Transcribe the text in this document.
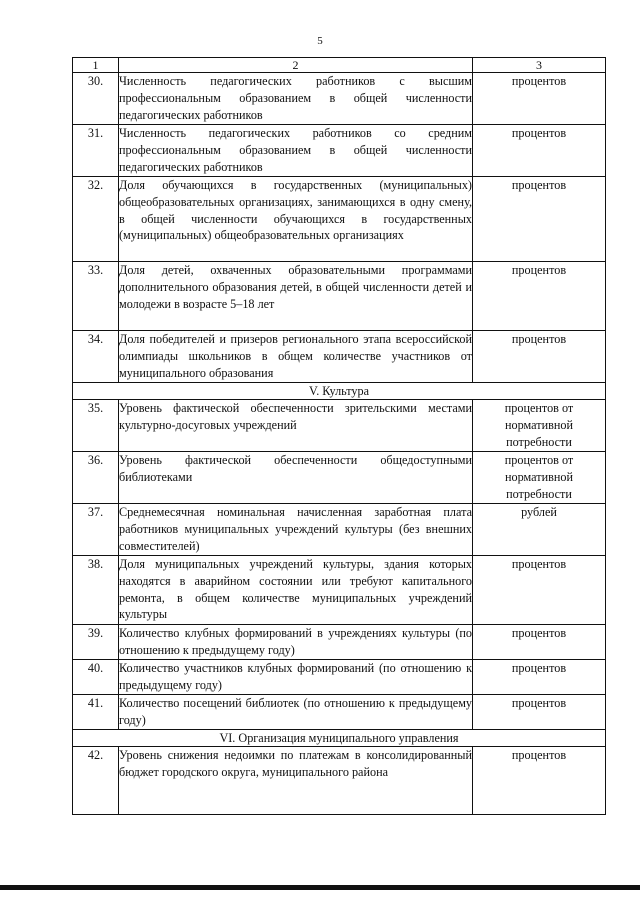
5
1	2	3
30.	Численность педагогических работников с высшим профессиональным образованием в общей численности педагогических работников	процентов
31.	Численность педагогических работников со средним профессиональным образованием в общей численности педагогических работников	процентов
32.	Доля обучающихся в государственных (муниципальных) общеобразовательных организациях, занимающихся в одну смену, в общей численности обучающихся в государственных (муниципальных) общеобразовательных организациях	процентов
33.	Доля детей, охваченных образовательными программами дополнительного образования детей, в общей численности детей и молодежи в возрасте 5–18 лет	процентов
34.	Доля победителей и призеров регионального этапа всероссийской олимпиады школьников в общем количестве участников от муниципального образования	процентов
V. Культура		
35.	Уровень фактической обеспеченности зрительскими местами культурно-досуговых учреждений	процентов от нормативной потребности
36.	Уровень фактической обеспеченности общедоступными библиотеками	процентов от нормативной потребности
37.	Среднемесячная номинальная начисленная заработная плата работников муниципальных учреждений культуры (без внешних совместителей)	рублей
38.	Доля муниципальных учреждений культуры, здания которых находятся в аварийном состоянии или требуют капитального ремонта, в общем количестве муниципальных учреждений культуры	процентов
39.	Количество клубных формирований в учреждениях культуры (по отношению к предыдущему году)	процентов
40.	Количество участников клубных формирований (по отношению к предыдущему году)	процентов
41.	Количество посещений библиотек (по отношению к предыдущему году)	процентов
VI. Организация муниципального управления		
42.	Уровень снижения недоимки по платежам в консолидированный бюджет городского округа, муниципального района	процентов
